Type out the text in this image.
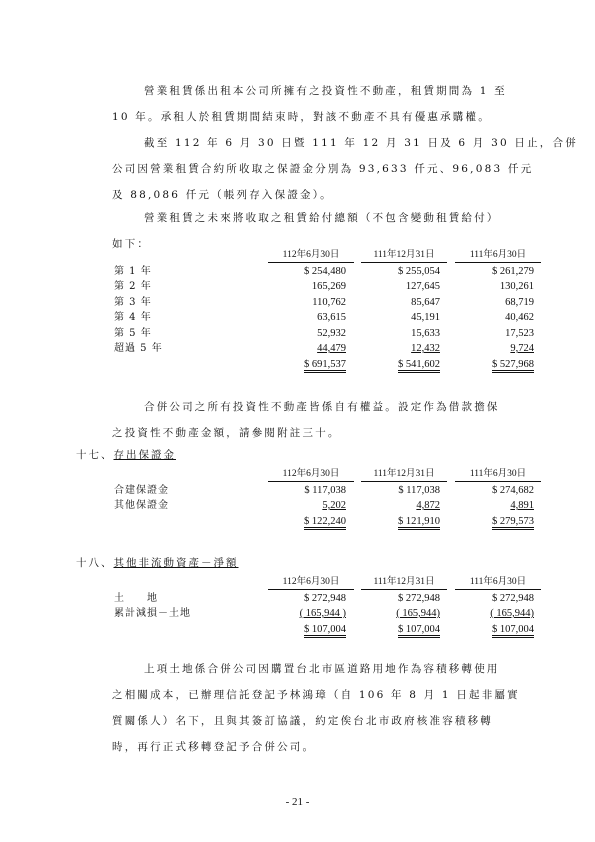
營業租賃係出租本公司所擁有之投資性不動產，租賃期間為 1 至
10 年。承租人於租賃期間結束時，對該不動產不具有優惠承購權。
截至 112 年 6 月 30 日暨 111 年 12 月 31 日及 6 月 30 日止，合併
公司因營業租賃合約所收取之保證金分別為 93,633 仟元、96,083 仟元
及 88,086 仟元（帳列存入保證金）。
營業租賃之未來將收取之租賃給付總額（不包含變動租賃給付）
如下：
112年6月30日	111年12月31日	111年6月30日
第 1 年	$ 254,480	$ 255,054	$ 261,279
第 2 年	165,269	127,645	130,261
第 3 年	110,762	85,647	68,719
第 4 年	63,615	45,191	40,462
第 5 年	52,932	15,633	17,523
超過 5 年	44,479	12,432	9,724
$ 691,537	$ 541,602	$ 527,968
合併公司之所有投資性不動產皆係自有權益。設定作為借款擔保
之投資性不動產金額，請參閱附註三十。
十七、存出保證金
112年6月30日	111年12月31日	111年6月30日
合建保證金	$ 117,038	$ 117,038	$ 274,682
其他保證金	5,202	4,872	4,891
$ 122,240	$ 121,910	$ 279,573
十八、其他非流動資產－淨額
112年6月30日	111年12月31日	111年6月30日
土　　地	$ 272,948	$ 272,948	$ 272,948
累計減損－土地	( 165,944 )	( 165,944)	( 165,944)
$ 107,004	$ 107,004	$ 107,004
上項土地係合併公司因購置台北市區道路用地作為容積移轉使用
之相關成本，已辦理信託登記予林鴻璋（自 106 年 8 月 1 日起非屬實
質關係人）名下，且與其簽訂協議，約定俟台北市政府核准容積移轉
時，再行正式移轉登記予合併公司。
- 21 -
